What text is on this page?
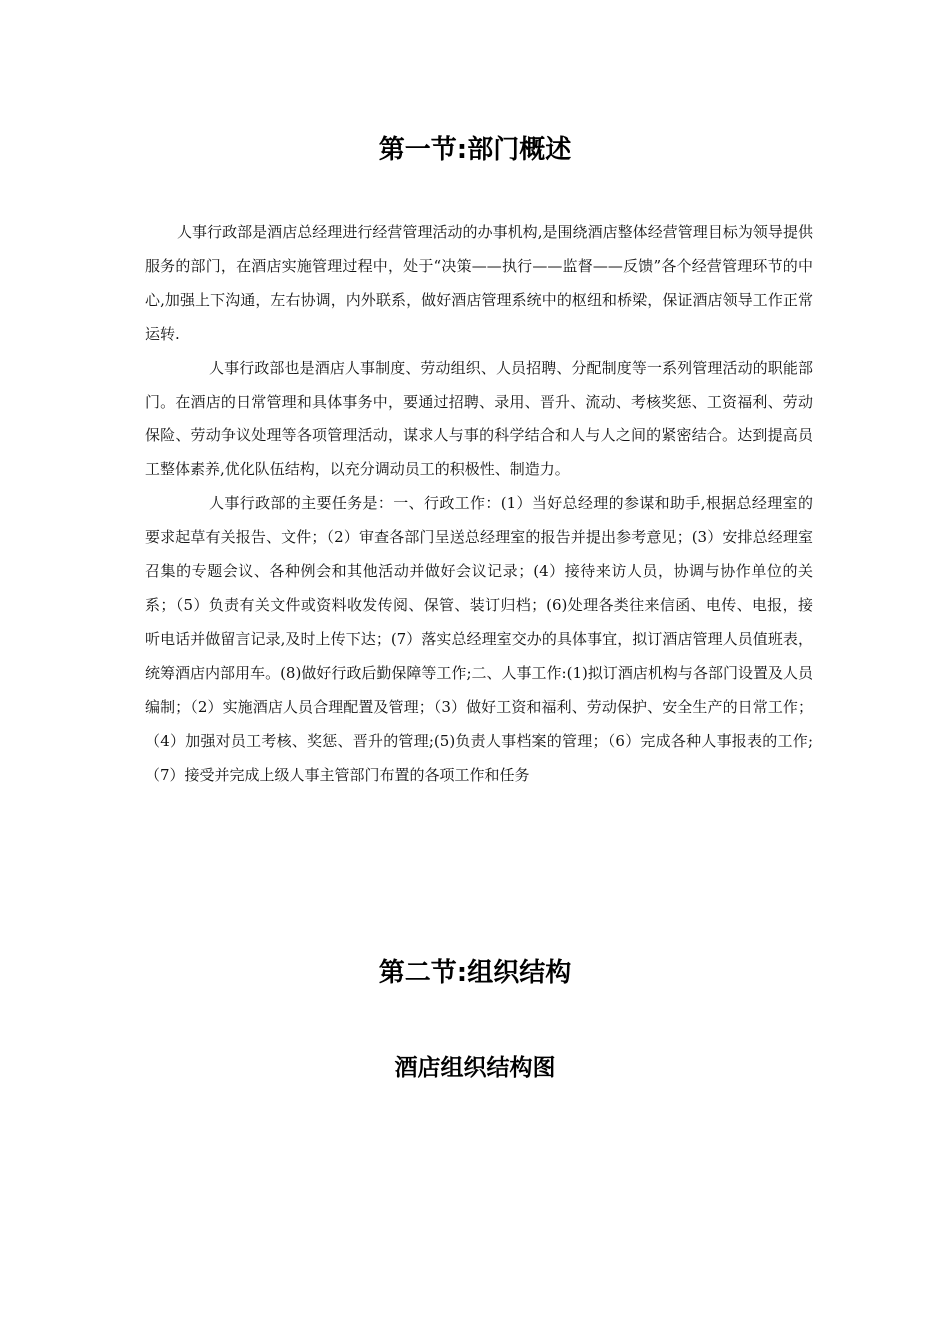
第一节:部门概述

人事行政部是酒店总经理进行经营管理活动的办事机构,是围绕酒店整体经营管理目标为领导提供服务的部门，在酒店实施管理过程中，处于“决策——执行——监督——反馈”各个经营管理环节的中心,加强上下沟通，左右协调，内外联系，做好酒店管理系统中的枢纽和桥梁，保证酒店领导工作正常运转.

人事行政部也是酒店人事制度、劳动组织、人员招聘、分配制度等一系列管理活动的职能部门。在酒店的日常管理和具体事务中，要通过招聘、录用、晋升、流动、考核奖惩、工资福利、劳动保险、劳动争议处理等各项管理活动，谋求人与事的科学结合和人与人之间的紧密结合。达到提高员工整体素养,优化队伍结构，以充分调动员工的积极性、制造力。

人事行政部的主要任务是：一、行政工作：(1）当好总经理的参谋和助手,根据总经理室的要求起草有关报告、文件；（2）审查各部门呈送总经理室的报告并提出参考意见；(3）安排总经理室召集的专题会议、各种例会和其他活动并做好会议记录；(4）接待来访人员，协调与协作单位的关系；（5）负责有关文件或资料收发传阅、保管、装订归档；(6)处理各类往来信函、电传、电报，接听电话并做留言记录,及时上传下达；(7）落实总经理室交办的具体事宜，拟订酒店管理人员值班表，统筹酒店内部用车。(8)做好行政后勤保障等工作;二、人事工作:(1)拟订酒店机构与各部门设置及人员编制；（2）实施酒店人员合理配置及管理；（3）做好工资和福利、劳动保护、安全生产的日常工作；（4）加强对员工考核、奖惩、晋升的管理;(5)负责人事档案的管理；（6）完成各种人事报表的工作;（7）接受并完成上级人事主管部门布置的各项工作和任务

第二节:组织结构
酒店组织结构图
